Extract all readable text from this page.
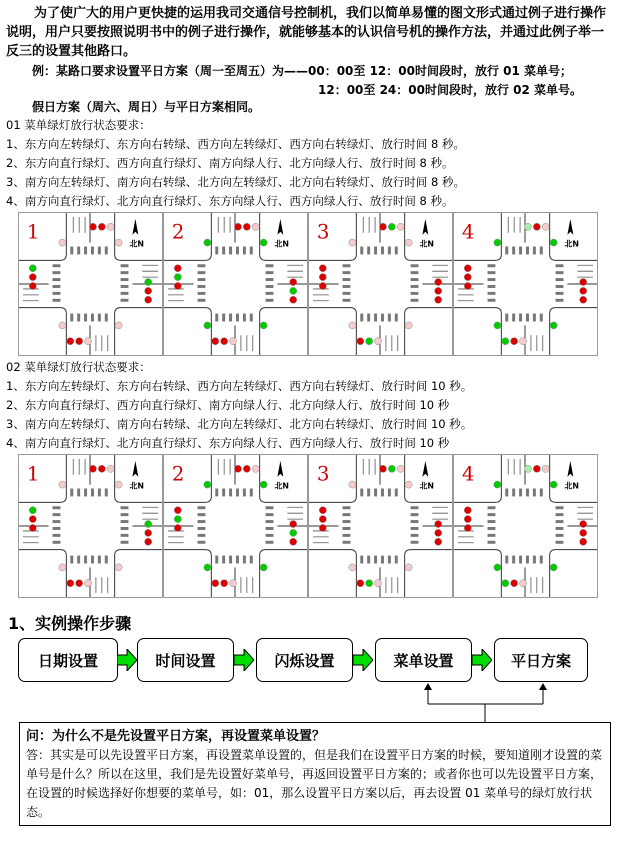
为了使广大的用户更快捷的运用我司交通信号控制机，我们以简单易懂的图文形式通过例子进行操作说明，用户只要按照说明书中的例子进行操作，就能够基本的认识信号机的操作方法，并通过此例子举一反三的设置其他路口。
例：某路口要求设置平日方案（周一至周五）为——00：00至 12：00时间段时，放行 01 菜单号；
12：00至 24：00时间段时，放行 02 菜单号。
假日方案（周六、周日）与平日方案相同。
01 菜单绿灯放行状态要求：
1、东方向左转绿灯、东方向右转绿、西方向左转绿灯、西方向右转绿灯、放行时间 8 秒。
2、东方向直行绿灯、西方向直行绿灯、南方向绿人行、北方向绿人行、放行时间 8 秒。
3、南方向左转绿灯、南方向右转绿、北方向左转绿灯、北方向右转绿灯、放行时间 8 秒。
4、南方向直行绿灯、北方向直行绿灯、东方向绿人行、西方向绿人行、放行时间 8 秒。
1
北N
2
北N
3
北N
4
北N
02 菜单绿灯放行状态要求：
1、东方向左转绿灯、东方向右转绿、西方向左转绿灯、西方向右转绿灯、放行时间 10 秒。
2、东方向直行绿灯、西方向直行绿灯、南方向绿人行、北方向绿人行、放行时间 10 秒
3、南方向左转绿灯、南方向右转绿、北方向左转绿灯、北方向右转绿灯、放行时间 10 秒。
4、南方向直行绿灯、北方向直行绿灯、东方向绿人行、西方向绿人行、放行时间 10 秒
1
北N
2
北N
3
北N
4
北N
1、实例操作步骤
日期设置	时间设置	闪烁设置	菜单设置	平日方案
问：为什么不是先设置平日方案，再设置菜单设置？
答：其实是可以先设置平日方案，再设置菜单设置的，但是我们在设置平日方案的时候，要知道刚才设置的菜单号是什么？所以在这里，我们是先设置好菜单号，再返回设置平日方案的；或者你也可以先设置平日方案，在设置的时候选择好你想要的菜单号，如：01，那么设置平日方案以后，再去设置 01 菜单号的绿灯放行状态。
